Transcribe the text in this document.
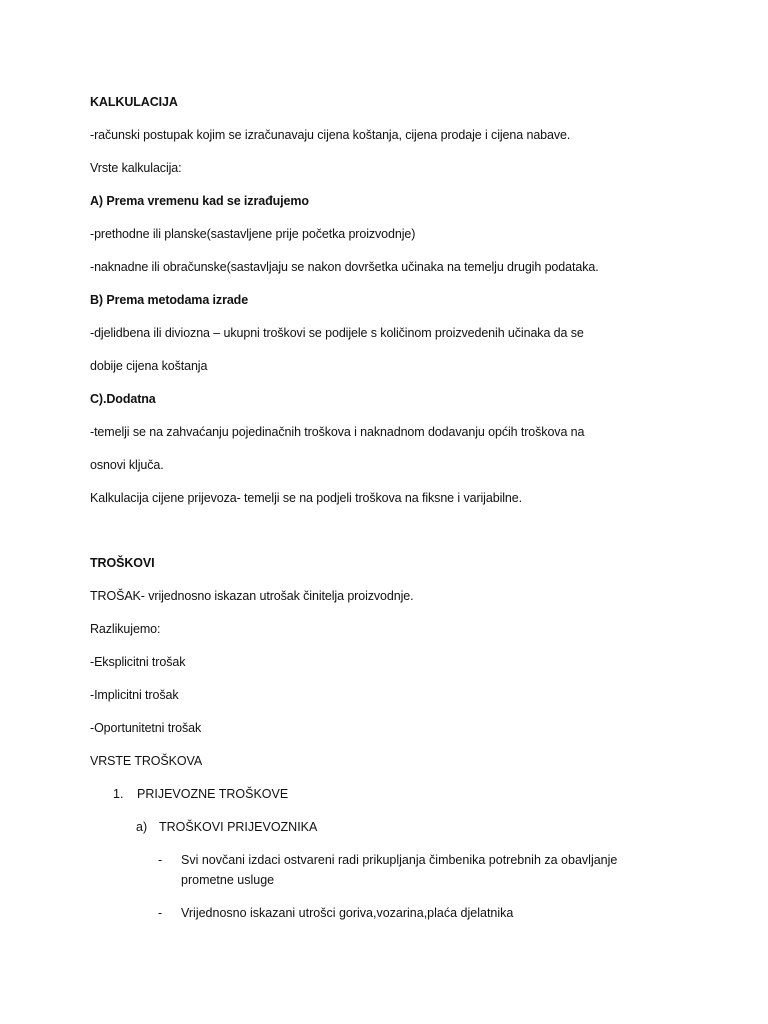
KALKULACIJA
-računski postupak kojim se izračunavaju cijena koštanja, cijena prodaje i cijena nabave.
Vrste kalkulacija:
A) Prema vremenu kad se izrađujemo
-prethodne ili planske(sastavljene prije početka proizvodnje)
-naknadne ili obračunske(sastavljaju se nakon dovršetka učinaka na temelju drugih podataka.
B) Prema metodama izrade
-djelidbena ili diviozna – ukupni troškovi se podijele s količinom proizvedenih učinaka da se
dobije cijena koštanja
C).Dodatna
-temelji se na zahvaćanju pojedinačnih troškova i naknadnom dodavanju općih troškova na
osnovi ključa.
Kalkulacija cijene prijevoza- temelji se na podjeli troškova na fiksne i varijabilne.
TROŠKOVI
TROŠAK- vrijednosno iskazan utrošak činitelja proizvodnje.
Razlikujemo:
-Eksplicitni trošak
-Implicitni trošak
-Oportunitetni trošak
VRSTE TROŠKOVA
1. PRIJEVOZNE TROŠKOVE
a) TROŠKOVI PRIJEVOZNIKA
- Svi novčani izdaci ostvareni radi prikupljanja čimbenika potrebnih za obavljanje prometne usluge
- Vrijednosno iskazani utrošci goriva,vozarina,plaća djelatnika
